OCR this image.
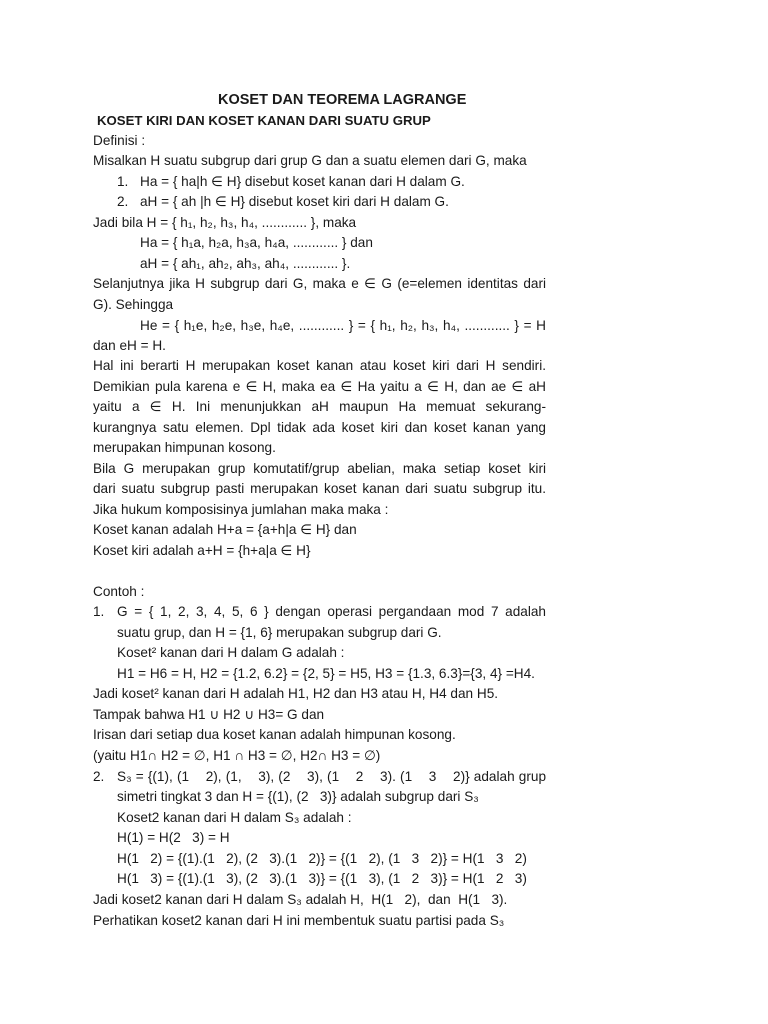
KOSET DAN TEOREMA LAGRANGE
KOSET KIRI DAN KOSET KANAN DARI SUATU GRUP
Definisi :
Misalkan H suatu subgrup dari grup G dan a suatu elemen dari G, maka
1. Ha = { ha|h ∈ H} disebut koset kanan dari H dalam G.
2. aH = { ah |h ∈ H} disebut koset kiri dari H dalam G.
Jadi bila H = { h₁, h₂, h₃, h₄, ............ }, maka
Ha = { h₁a, h₂a, h₃a, h₄a, ............ } dan
aH = { ah₁, ah₂, ah₃, ah₄, ............ }.
Selanjutnya jika H subgrup dari G, maka e ∈ G (e=elemen identitas dari
G). Sehingga
He = { h₁e, h₂e, h₃e, h₄e, ............ } = { h₁, h₂, h₃, h₄, ............ } = H
dan eH = H.
Hal ini berarti H merupakan koset kanan atau koset kiri dari H sendiri.
Demikian pula karena e ∈ H, maka ea ∈ Ha yaitu a ∈ H, dan ae ∈ aH
yaitu a ∈ H. Ini menunjukkan aH maupun Ha memuat sekurang-
kurangnya satu elemen. Dpl tidak ada koset kiri dan koset kanan yang
merupakan himpunan kosong.
Bila G merupakan grup komutatif/grup abelian, maka setiap koset kiri
dari suatu subgrup pasti merupakan koset kanan dari suatu subgrup itu.
Jika hukum komposisinya jumlahan maka maka :
Koset kanan adalah H+a = {a+h|a ∈ H} dan
Koset kiri adalah a+H = {h+a|a ∈ H}
Contoh :
1. G = { 1, 2, 3, 4, 5, 6 } dengan operasi pergandaan mod 7 adalah
suatu grup, dan H = {1, 6} merupakan subgrup dari G.
Koset² kanan dari H dalam G adalah :
H1 = H6 = H, H2 = {1.2, 6.2} = {2, 5} = H5, H3 = {1.3, 6.3}={3, 4} =H4.
Jadi koset² kanan dari H adalah H1, H2 dan H3 atau H, H4 dan H5.
Tampak bahwa H1 ∪ H2 ∪ H3= G dan
Irisan dari setiap dua koset kanan adalah himpunan kosong.
(yaitu H1∩ H2 = ∅, H1 ∩ H3 = ∅, H2∩ H3 = ∅)
2. S₃ = {(1), (1    2), (1,    3), (2    3), (1    2    3). (1    3    2)} adalah grup
simetri tingkat 3 dan H = {(1), (2   3)} adalah subgrup dari S₃
Koset2 kanan dari H dalam S₃ adalah :
H(1) = H(2   3) = H
H(1   2) = {(1).(1   2), (2   3).(1   2)} = {(1   2), (1   3   2)} = H(1   3   2)
H(1   3) = {(1).(1   3), (2   3).(1   3)} = {(1   3), (1   2   3)} = H(1   2   3)
Jadi koset2 kanan dari H dalam S₃ adalah H,  H(1   2),  dan  H(1   3).
Perhatikan koset2 kanan dari H ini membentuk suatu partisi pada S₃
